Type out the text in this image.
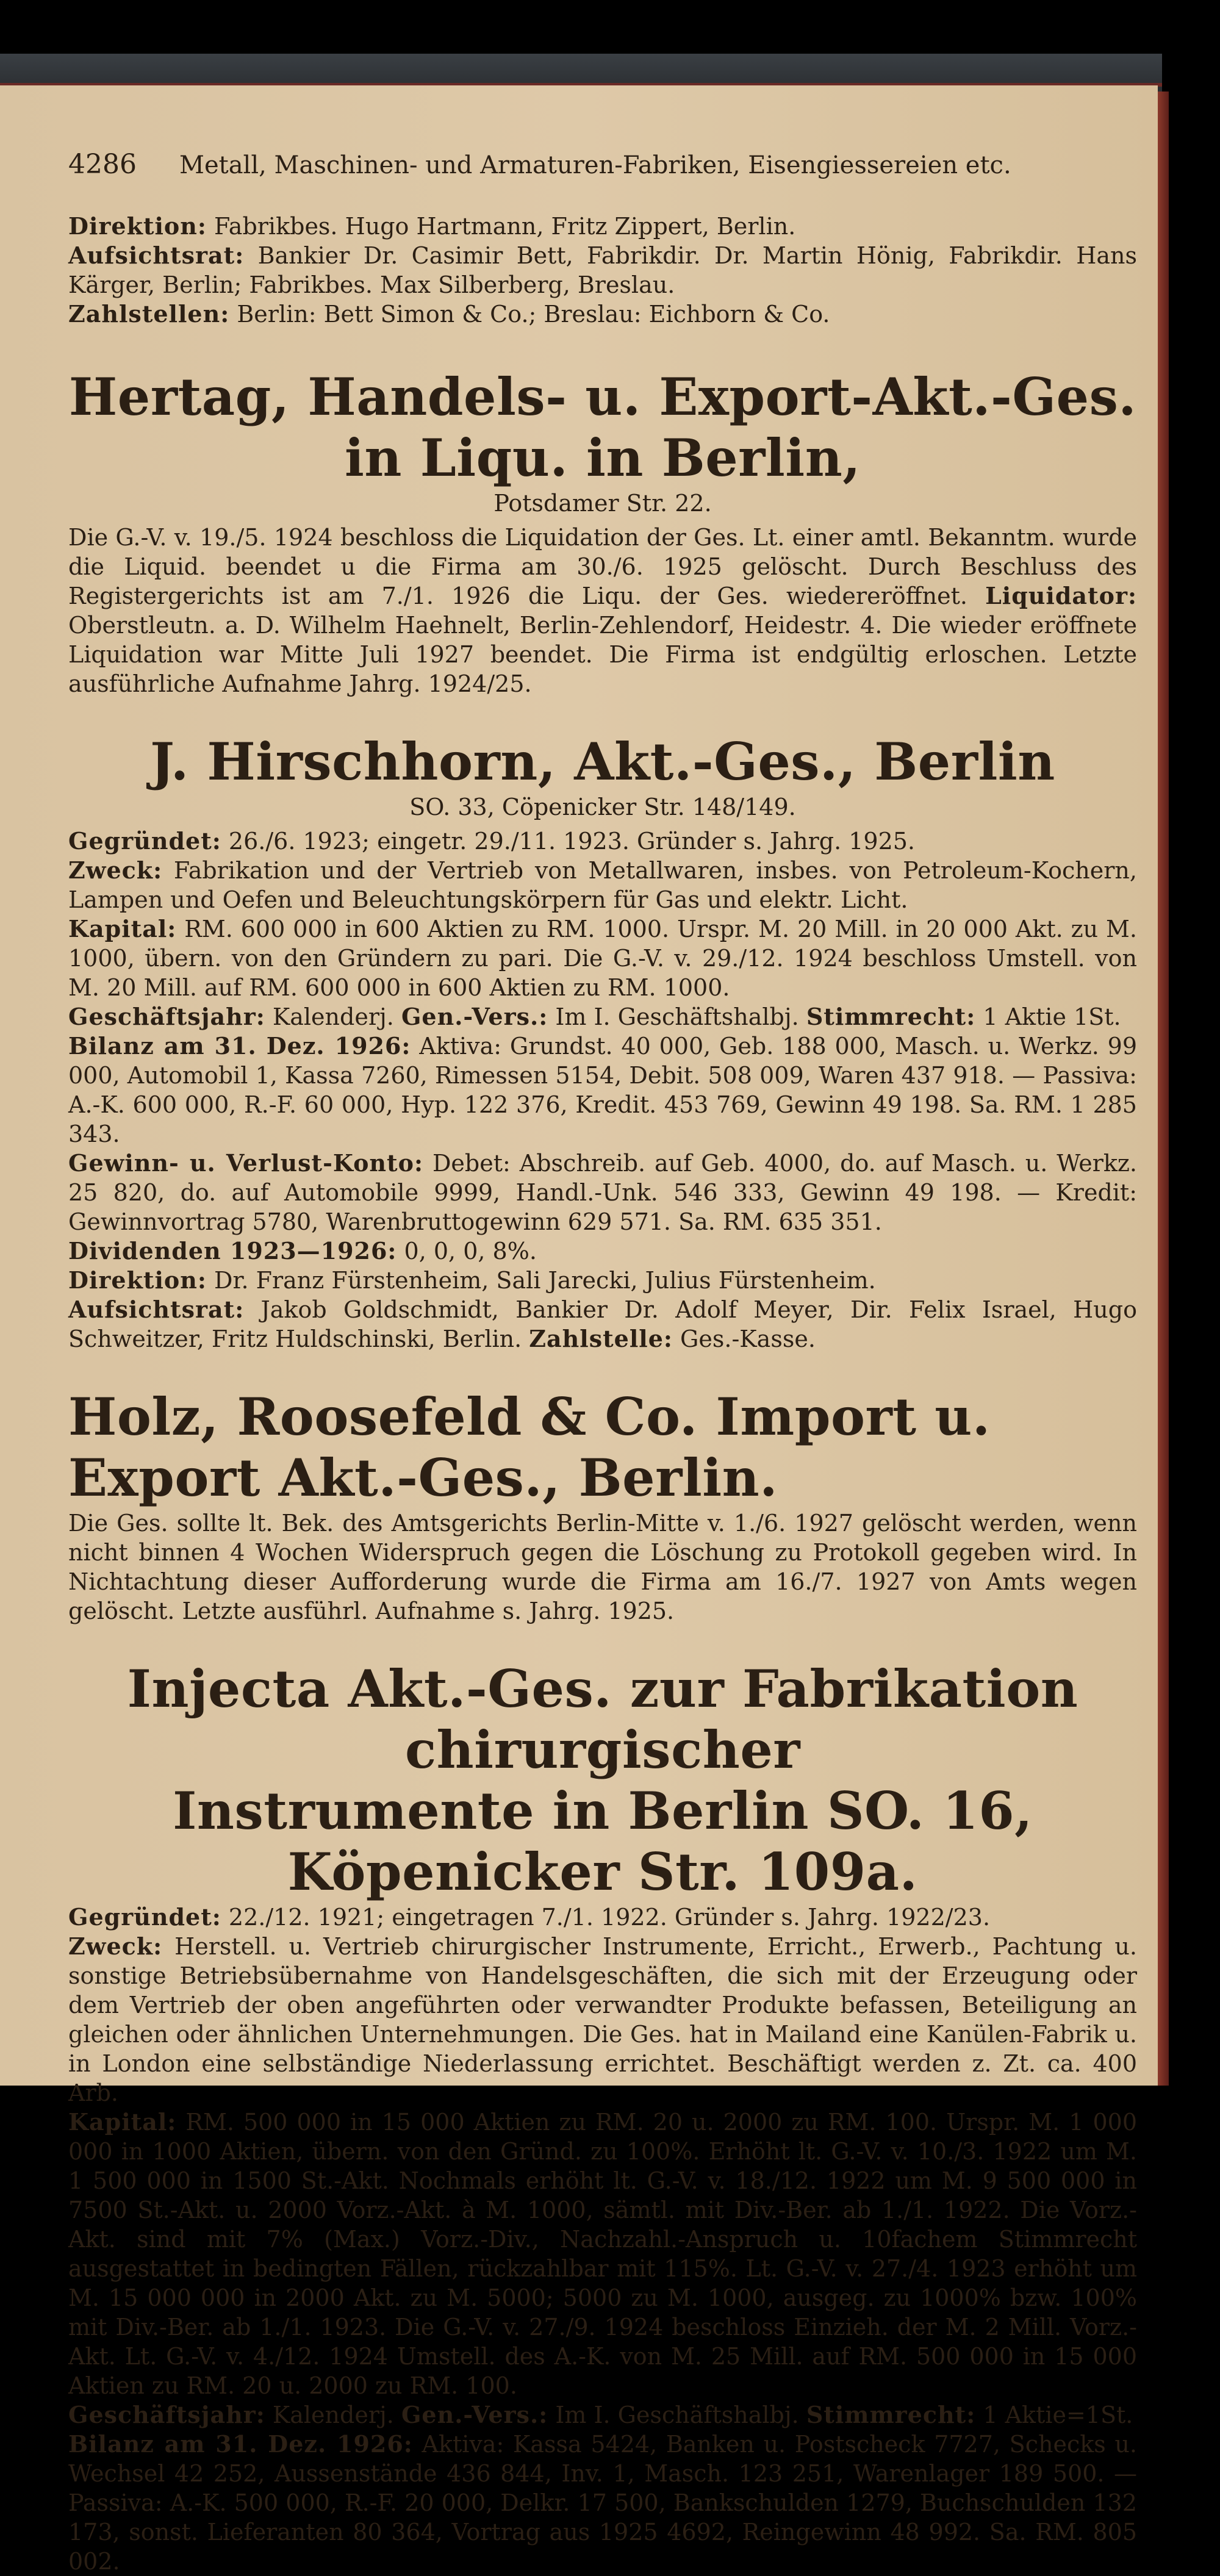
4286 Metall, Maschinen- und Armaturen-Fabriken, Eisengiessereien etc.

Direktion: Fabrikbes. Hugo Hartmann, Fritz Zippert, Berlin.

Aufsichtsrat: Bankier Dr. Casimir Bett, Fabrikdir. Dr. Martin Hönig, Fabrikdir. Hans Kärger, Berlin; Fabrikbes. Max Silberberg, Breslau.

Zahlstellen: Berlin: Bett Simon & Co.; Breslau: Eichborn & Co.

Hertag, Handels- u. Export-Akt.-Ges. in Liqu. in Berlin,
Potsdamer Str. 22.

Die G.-V. v. 19./5. 1924 beschloss die Liquidation der Ges. Lt. einer amtl. Bekanntm. wurde die Liquid. beendet u die Firma am 30./6. 1925 gelöscht. Durch Beschluss des Registergerichts ist am 7./1. 1926 die Liqu. der Ges. wiedereröffnet. Liquidator: Oberstleutn. a. D. Wilhelm Haehnelt, Berlin-Zehlendorf, Heidestr. 4. Die wieder eröffnete Liquidation war Mitte Juli 1927 beendet. Die Firma ist endgültig erloschen. Letzte ausführliche Aufnahme Jahrg. 1924/25.

J. Hirschhorn, Akt.-Ges., Berlin
SO. 33, Cöpenicker Str. 148/149.

Gegründet: 26./6. 1923; eingetr. 29./11. 1923. Gründer s. Jahrg. 1925.

Zweck: Fabrikation und der Vertrieb von Metallwaren, insbes. von Petroleum-Kochern, Lampen und Oefen und Beleuchtungskörpern für Gas und elektr. Licht.

Kapital: RM. 600 000 in 600 Aktien zu RM. 1000. Urspr. M. 20 Mill. in 20 000 Akt. zu M. 1000, übern. von den Gründern zu pari. Die G.-V. v. 29./12. 1924 beschloss Umstell. von M. 20 Mill. auf RM. 600 000 in 600 Aktien zu RM. 1000.

Geschäftsjahr: Kalenderj. Gen.-Vers.: Im I. Geschäftshalbj. Stimmrecht: 1 Aktie 1St.

Bilanz am 31. Dez. 1926: Aktiva: Grundst. 40 000, Geb. 188 000, Masch. u. Werkz. 99 000, Automobil 1, Kassa 7260, Rimessen 5154, Debit. 508 009, Waren 437 918. — Passiva: A.-K. 600 000, R.-F. 60 000, Hyp. 122 376, Kredit. 453 769, Gewinn 49 198. Sa. RM. 1 285 343.

Gewinn- u. Verlust-Konto: Debet: Abschreib. auf Geb. 4000, do. auf Masch. u. Werkz. 25 820, do. auf Automobile 9999, Handl.-Unk. 546 333, Gewinn 49 198. — Kredit: Gewinnvortrag 5780, Warenbruttogewinn 629 571. Sa. RM. 635 351.

Dividenden 1923—1926: 0, 0, 0, 8%.

Direktion: Dr. Franz Fürstenheim, Sali Jarecki, Julius Fürstenheim.

Aufsichtsrat: Jakob Goldschmidt, Bankier Dr. Adolf Meyer, Dir. Felix Israel, Hugo Schweitzer, Fritz Huldschinski, Berlin. Zahlstelle: Ges.-Kasse.

Holz, Roosefeld & Co. Import u. Export Akt.-Ges., Berlin.

Die Ges. sollte lt. Bek. des Amtsgerichts Berlin-Mitte v. 1./6. 1927 gelöscht werden, wenn nicht binnen 4 Wochen Widerspruch gegen die Löschung zu Protokoll gegeben wird. In Nichtachtung dieser Aufforderung wurde die Firma am 16./7. 1927 von Amts wegen gelöscht. Letzte ausführl. Aufnahme s. Jahrg. 1925.

Injecta Akt.-Ges. zur Fabrikation chirurgischer
Instrumente in Berlin SO. 16, Köpenicker Str. 109a.

Gegründet: 22./12. 1921; eingetragen 7./1. 1922. Gründer s. Jahrg. 1922/23.

Zweck: Herstell. u. Vertrieb chirurgischer Instrumente, Erricht., Erwerb., Pachtung u. sonstige Betriebsübernahme von Handelsgeschäften, die sich mit der Erzeugung oder dem Vertrieb der oben angeführten oder verwandter Produkte befassen, Beteiligung an gleichen oder ähnlichen Unternehmungen. Die Ges. hat in Mailand eine Kanülen-Fabrik u. in London eine selbständige Niederlassung errichtet. Beschäftigt werden z. Zt. ca. 400 Arb.

Kapital: RM. 500 000 in 15 000 Aktien zu RM. 20 u. 2000 zu RM. 100. Urspr. M. 1 000 000 in 1000 Aktien, übern. von den Gründ. zu 100%. Erhöht lt. G.-V. v. 10./3. 1922 um M. 1 500 000 in 1500 St.-Akt. Nochmals erhöht lt. G.-V. v. 18./12. 1922 um M. 9 500 000 in 7500 St.-Akt. u. 2000 Vorz.-Akt. à M. 1000, sämtl. mit Div.-Ber. ab 1./1. 1922. Die Vorz.-Akt. sind mit 7% (Max.) Vorz.-Div., Nachzahl.-Anspruch u. 10fachem Stimmrecht ausgestattet in bedingten Fällen, rückzahlbar mit 115%. Lt. G.-V. v. 27./4. 1923 erhöht um M. 15 000 000 in 2000 Akt. zu M. 5000; 5000 zu M. 1000, ausgeg. zu 1000% bzw. 100% mit Div.-Ber. ab 1./1. 1923. Die G.-V. v. 27./9. 1924 beschloss Einzieh. der M. 2 Mill. Vorz.-Akt. Lt. G.-V. v. 4./12. 1924 Umstell. des A.-K. von M. 25 Mill. auf RM. 500 000 in 15 000 Aktien zu RM. 20 u. 2000 zu RM. 100.

Geschäftsjahr: Kalenderj. Gen.-Vers.: Im I. Geschäftshalbj. Stimmrecht: 1 Aktie=1St.

Bilanz am 31. Dez. 1926: Aktiva: Kassa 5424, Banken u. Postscheck 7727, Schecks u. Wechsel 42 252, Aussenstände 436 844, Inv. 1, Masch. 123 251, Warenlager 189 500. — Passiva: A.-K. 500 000, R.-F. 20 000, Delkr. 17 500, Bankschulden 1279, Buchschulden 132 173, sonst. Lieferanten 80 364, Vortrag aus 1925 4692, Reingewinn 48 992. Sa. RM. 805 002.
